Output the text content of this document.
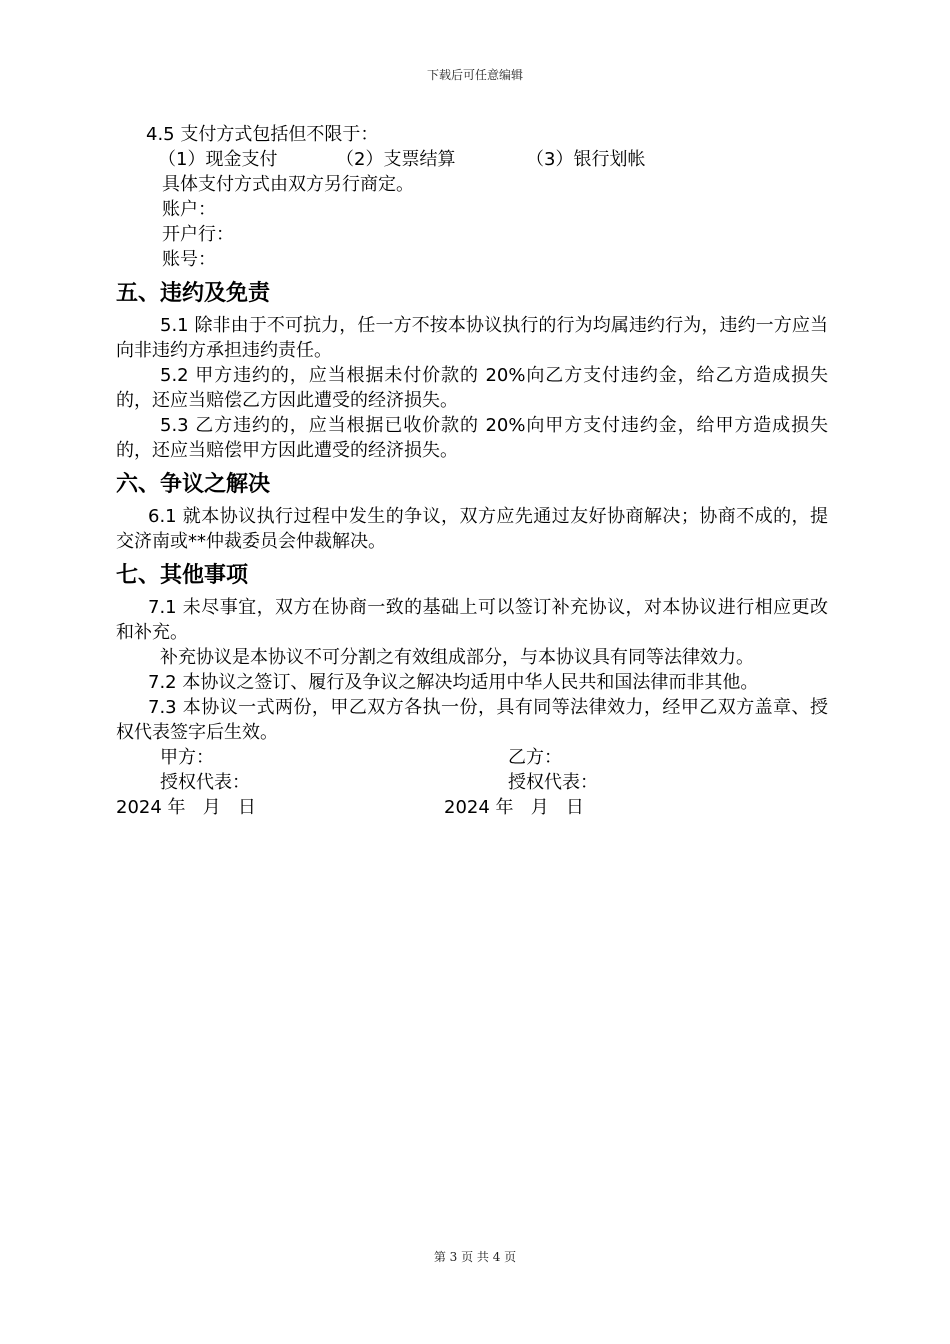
下载后可任意编辑
4.5 支付方式包括但不限于：
（1）现金支付	（2）支票结算	（3）银行划帐
具体支付方式由双方另行商定。
账户：
开户行：
账号：
五、违约及免责

5.1 除非由于不可抗力，任一方不按本协议执行的行为均属违约行为，违约一方应当向非违约方承担违约责任。

5.2 甲方违约的，应当根据未付价款的 20%向乙方支付违约金，给乙方造成损失的，还应当赔偿乙方因此遭受的经济损失。

5.3 乙方违约的，应当根据已收价款的 20%向甲方支付违约金，给甲方造成损失的，还应当赔偿甲方因此遭受的经济损失。

六、争议之解决

6.1 就本协议执行过程中发生的争议，双方应先通过友好协商解决；协商不成的，提交济南或**仲裁委员会仲裁解决。

七、其他事项

7.1 未尽事宜，双方在协商一致的基础上可以签订补充协议，对本协议进行相应更改和补充。

补充协议是本协议不可分割之有效组成部分，与本协议具有同等法律效力。

7.2 本协议之签订、履行及争议之解决均适用中华人民共和国法律而非其他。

7.3 本协议一式两份，甲乙双方各执一份，具有同等法律效力，经甲乙双方盖章、授权代表签字后生效。

甲方：	乙方：
授权代表：	授权代表：
2024 年   月   日	2024 年   月   日
第 3 页 共 4 页
